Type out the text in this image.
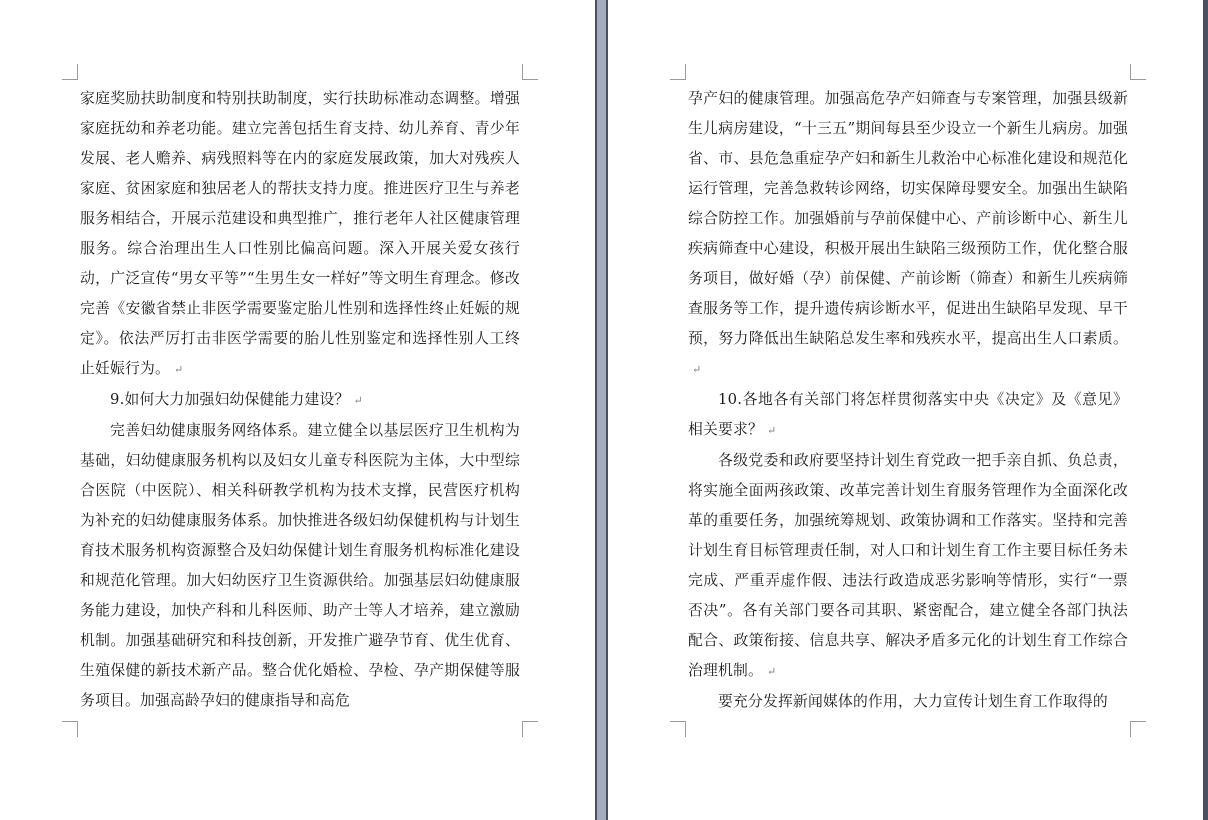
家庭奖励扶助制度和特别扶助制度，实行扶助标准动态调整。增强家庭抚幼和养老功能。建立完善包括生育支持、幼儿养育、青少年发展、老人赡养、病残照料等在内的家庭发展政策，加大对残疾人家庭、贫困家庭和独居老人的帮扶支持力度。推进医疗卫生与养老服务相结合，开展示范建设和典型推广，推行老年人社区健康管理服务。综合治理出生人口性别比偏高问题。深入开展关爱女孩行动，广泛宣传“男女平等”“生男生女一样好”等文明生育理念。修改完善《安徽省禁止非医学需要鉴定胎儿性别和选择性终止妊娠的规定》。依法严厉打击非医学需要的胎儿性别鉴定和选择性别人工终止妊娠行为。 ↵

9.如何大力加强妇幼保健能力建设？ ↵

完善妇幼健康服务网络体系。建立健全以基层医疗卫生机构为基础，妇幼健康服务机构以及妇女儿童专科医院为主体，大中型综合医院（中医院）、相关科研教学机构为技术支撑，民营医疗机构为补充的妇幼健康服务体系。加快推进各级妇幼保健机构与计划生育技术服务机构资源整合及妇幼保健计划生育服务机构标准化建设和规范化管理。加大妇幼医疗卫生资源供给。加强基层妇幼健康服务能力建设，加快产科和儿科医师、助产士等人才培养，建立激励机制。加强基础研究和科技创新，开发推广避孕节育、优生优育、生殖保健的新技术新产品。整合优化婚检、孕检、孕产期保健等服务项目。加强高龄孕妇的健康指导和高危

孕产妇的健康管理。加强高危孕产妇筛查与专案管理，加强县级新生儿病房建设，“十三五”期间每县至少设立一个新生儿病房。加强省、市、县危急重症孕产妇和新生儿救治中心标准化建设和规范化运行管理，完善急救转诊网络，切实保障母婴安全。加强出生缺陷综合防控工作。加强婚前与孕前保健中心、产前诊断中心、新生儿疾病筛查中心建设，积极开展出生缺陷三级预防工作，优化整合服务项目，做好婚（孕）前保健、产前诊断（筛查）和新生儿疾病筛查服务等工作，提升遗传病诊断水平，促进出生缺陷早发现、早干预，努力降低出生缺陷总发生率和残疾水平，提高出生人口素质。↵

10.各地各有关部门将怎样贯彻落实中央《决定》及《意见》相关要求？ ↵

各级党委和政府要坚持计划生育党政一把手亲自抓、负总责，将实施全面两孩政策、改革完善计划生育服务管理作为全面深化改革的重要任务，加强统筹规划、政策协调和工作落实。坚持和完善计划生育目标管理责任制，对人口和计划生育工作主要目标任务未完成、严重弄虚作假、违法行政造成恶劣影响等情形，实行“一票否决”。各有关部门要各司其职、紧密配合，建立健全各部门执法配合、政策衔接、信息共享、解决矛盾多元化的计划生育工作综合治理机制。 ↵

要充分发挥新闻媒体的作用，大力宣传计划生育工作取得的
